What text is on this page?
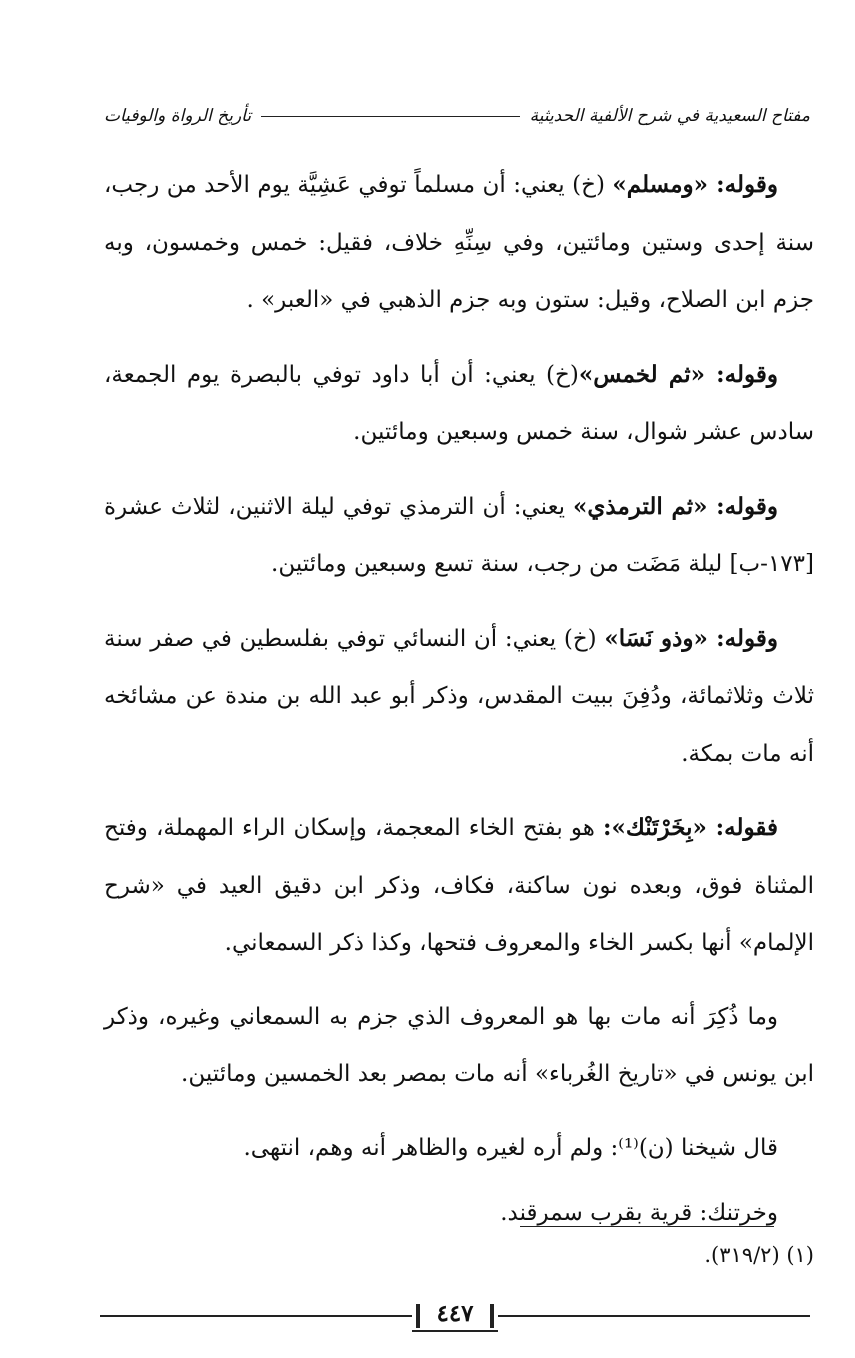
مفتاح السعيدية في شرح الألفية الحديثية
تأريخ الرواة والوفيات

وقوله: «ومسلم» (خ) يعني: أن مسلماً توفي عَشِيَّة يوم الأحد من رجب، سنة إحدى وستين ومائتين، وفي سِنِّهِ خلاف، فقيل: خمس وخمسون، وبه جزم ابن الصلاح، وقيل: ستون وبه جزم الذهبي في «العبر» .

وقوله: «ثم لخمس»(خ) يعني: أن أبا داود توفي بالبصرة يوم الجمعة، سادس عشر شوال، سنة خمس وسبعين ومائتين.

وقوله: «ثم الترمذي» يعني: أن الترمذي توفي ليلة الاثنين، لثلاث عشرة [١٧٣-ب] ليلة مَضَت من رجب، سنة تسع وسبعين ومائتين.

وقوله: «وذو نَسَا» (خ) يعني: أن النسائي توفي بفلسطين في صفر سنة ثلاث وثلاثمائة، ودُفِنَ ببيت المقدس، وذكر أبو عبد الله بن مندة عن مشائخه أنه مات بمكة.

فقوله: «بِخَرْتَنْك»: هو بفتح الخاء المعجمة، وإسكان الراء المهملة، وفتح المثناة فوق، وبعده نون ساكنة، فكاف، وذكر ابن دقيق العيد في «شرح الإلمام» أنها بكسر الخاء والمعروف فتحها، وكذا ذكر السمعاني.

وما ذُكِرَ أنه مات بها هو المعروف الذي جزم به السمعاني وغيره، وذكر ابن يونس في «تاريخ الغُرباء» أنه مات بمصر بعد الخمسين ومائتين.

قال شيخنا (ن)⁽¹⁾: ولم أره لغيره والظاهر أنه وهم، انتهى.

وخرتنك: قرية بقرب سمرقند.

(١) (٣١٩/٢).
٤٤٧
